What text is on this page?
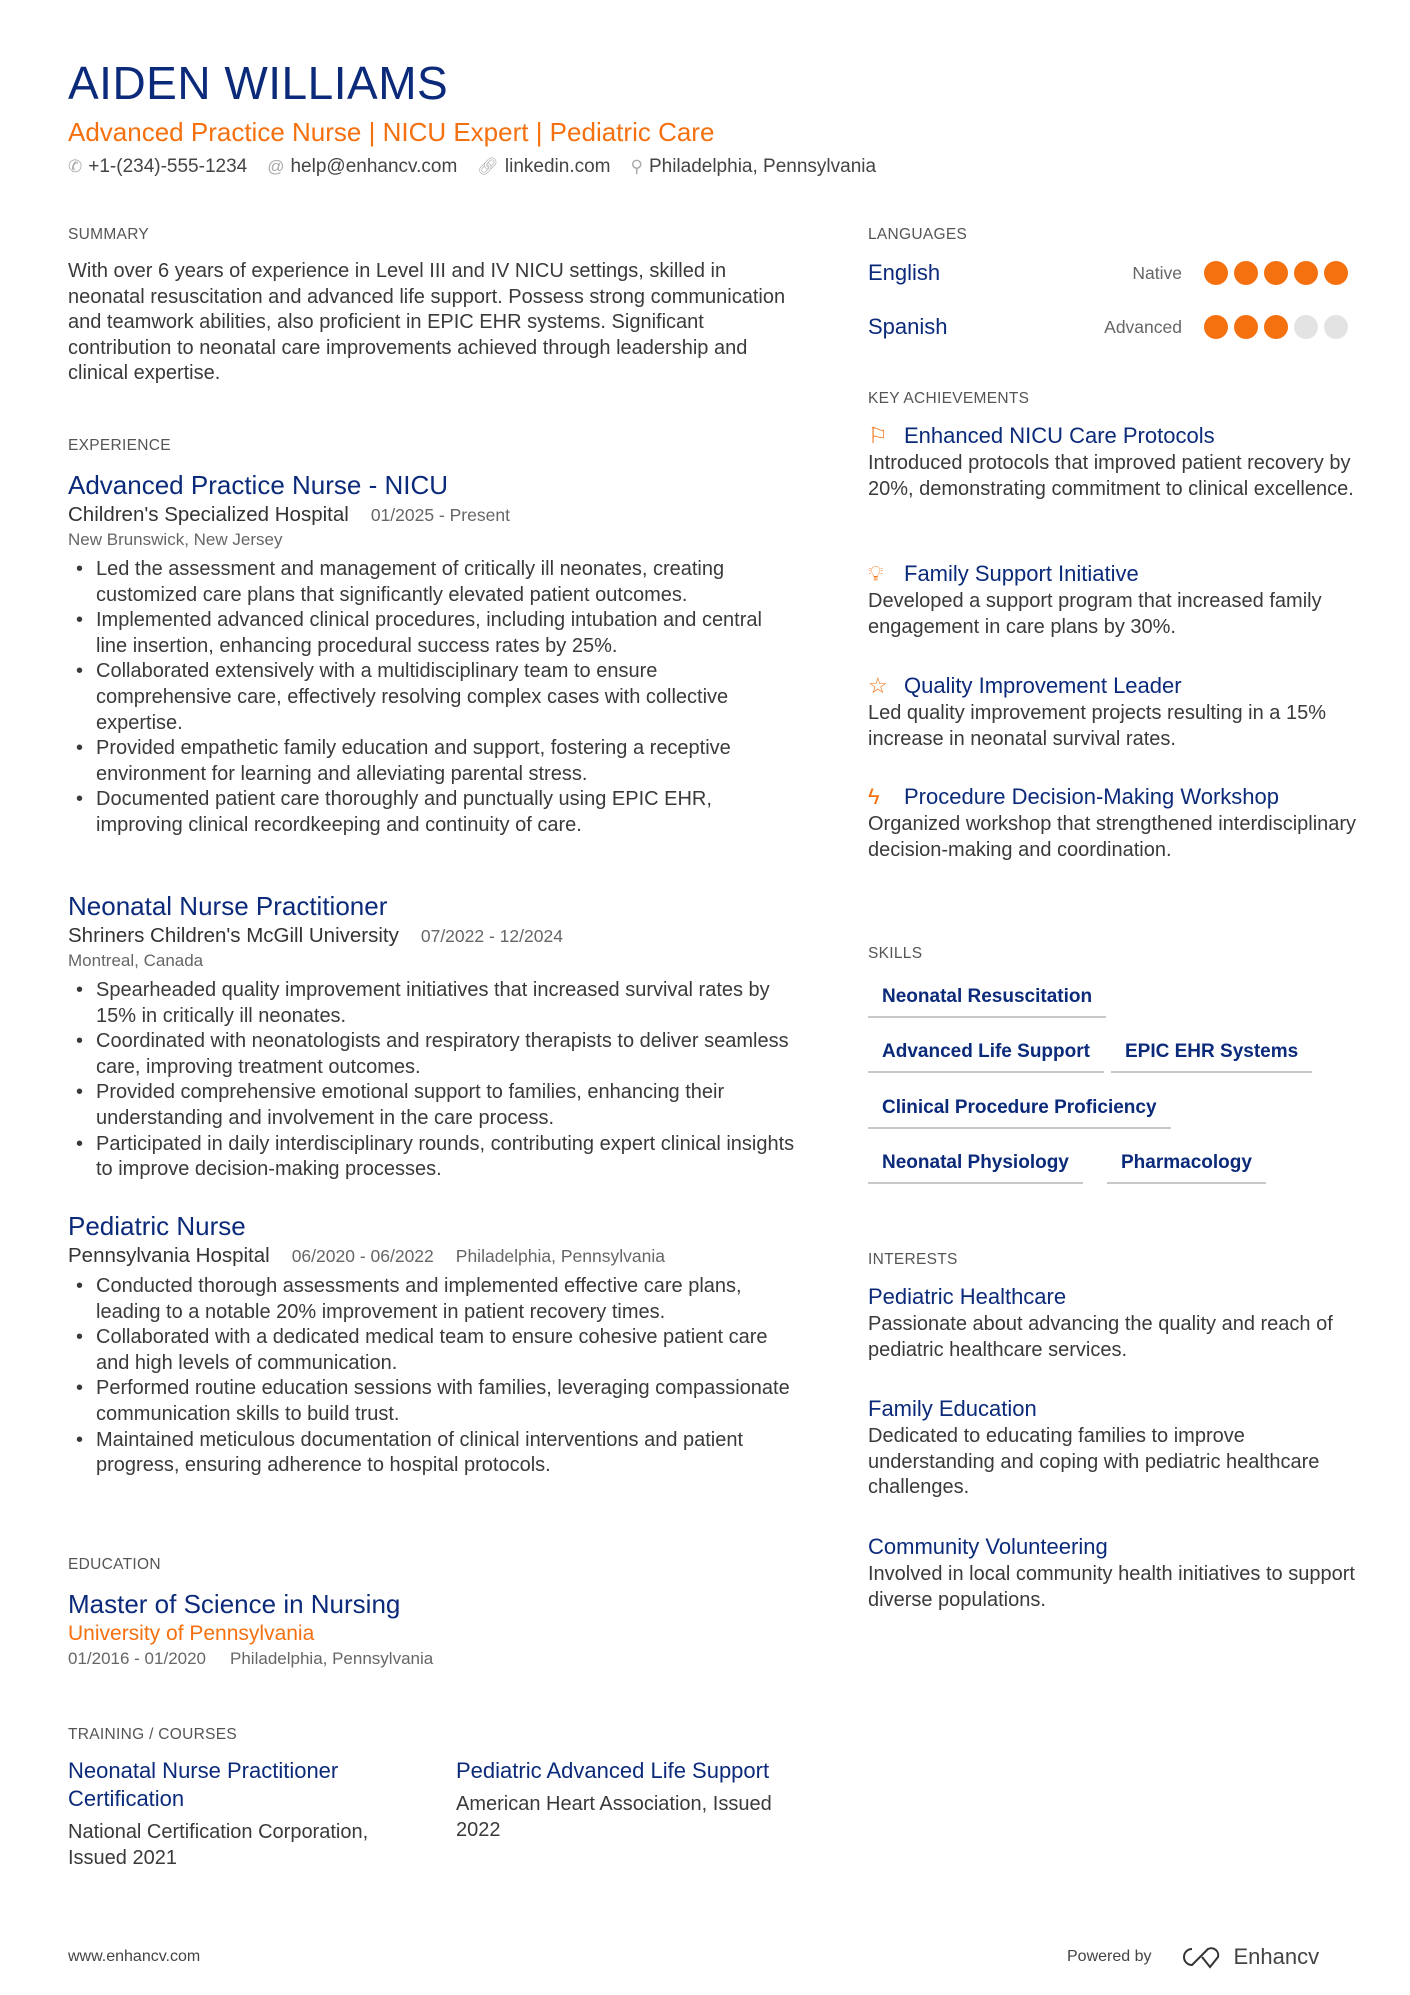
AIDEN WILLIAMS
Advanced Practice Nurse | NICU Expert | Pediatric Care
✆ +1-(234)-555-1234 @ help@enhancv.com 🔗︎ linkedin.com ⚲ Philadelphia, Pennsylvania
SUMMARY
With over 6 years of experience in Level III and IV NICU settings, skilled in neonatal resuscitation and advanced life support. Possess strong communication and teamwork abilities, also proficient in EPIC EHR systems. Significant contribution to neonatal care improvements achieved through leadership and clinical expertise.
EXPERIENCE
Advanced Practice Nurse - NICU
Children's Specialized Hospital 01/2025 - Present
New Brunswick, New Jersey
• Led the assessment and management of critically ill neonates, creating customized care plans that significantly elevated patient outcomes.
• Implemented advanced clinical procedures, including intubation and central line insertion, enhancing procedural success rates by 25%.
• Collaborated extensively with a multidisciplinary team to ensure comprehensive care, effectively resolving complex cases with collective expertise.
• Provided empathetic family education and support, fostering a receptive environment for learning and alleviating parental stress.
• Documented patient care thoroughly and punctually using EPIC EHR, improving clinical recordkeeping and continuity of care.
Neonatal Nurse Practitioner
Shriners Children's McGill University 07/2022 - 12/2024
Montreal, Canada
• Spearheaded quality improvement initiatives that increased survival rates by 15% in critically ill neonates.
• Coordinated with neonatologists and respiratory therapists to deliver seamless care, improving treatment outcomes.
• Provided comprehensive emotional support to families, enhancing their understanding and involvement in the care process.
• Participated in daily interdisciplinary rounds, contributing expert clinical insights to improve decision-making processes.
Pediatric Nurse
Pennsylvania Hospital 06/2020 - 06/2022 Philadelphia, Pennsylvania
• Conducted thorough assessments and implemented effective care plans, leading to a notable 20% improvement in patient recovery times.
• Collaborated with a dedicated medical team to ensure cohesive patient care and high levels of communication.
• Performed routine education sessions with families, leveraging compassionate communication skills to build trust.
• Maintained meticulous documentation of clinical interventions and patient progress, ensuring adherence to hospital protocols.
EDUCATION
Master of Science in Nursing
University of Pennsylvania
01/2016 - 01/2020 Philadelphia, Pennsylvania
TRAINING / COURSES
Neonatal Nurse Practitioner Certification
National Certification Corporation, Issued 2021
Pediatric Advanced Life Support
American Heart Association, Issued 2022
LANGUAGES
English	Native
Spanish	Advanced
KEY ACHIEVEMENTS
⚐ Enhanced NICU Care Protocols
Introduced protocols that improved patient recovery by 20%, demonstrating commitment to clinical excellence.
💡︎ Family Support Initiative
Developed a support program that increased family engagement in care plans by 30%.
☆ Quality Improvement Leader
Led quality improvement projects resulting in a 15% increase in neonatal survival rates.
ϟ	Procedure Decision-Making Workshop
Organized workshop that strengthened interdisciplinary decision-making and coordination.
SKILLS
Neonatal Resuscitation
Advanced Life Support	EPIC EHR Systems
Clinical Procedure Proficiency
Neonatal Physiology	Pharmacology
INTERESTS
Pediatric Healthcare
Passionate about advancing the quality and reach of pediatric healthcare services.
Family Education
Dedicated to educating families to improve understanding and coping with pediatric healthcare challenges.
Community Volunteering
Involved in local community health initiatives to support diverse populations.
www.enhancv.com	Powered by	Enhancv
